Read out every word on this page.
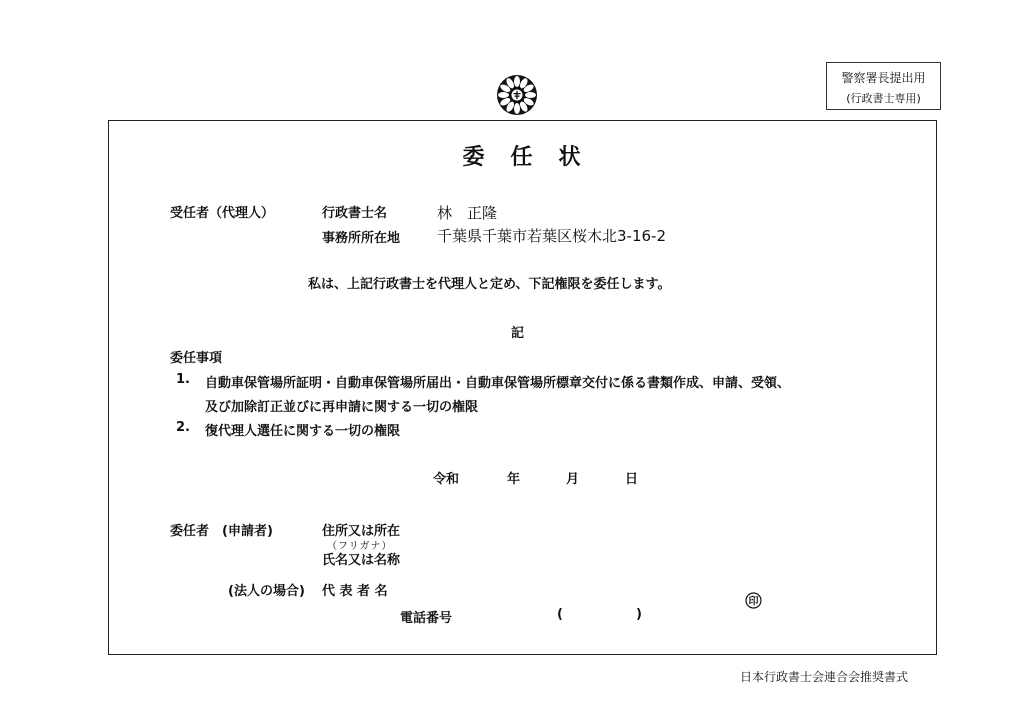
警察署長提出用
(行政書士専用)
委　任　状
受任者（代理人）	行政書士名	林　正隆
事務所所在地 千葉県千葉市若葉区桜木北3-16-2
私は、上記行政書士を代理人と定め、下記権限を委任します。
記
委任事項
1. 自動車保管場所証明・自動車保管場所届出・自動車保管場所標章交付に係る書類作成、申請、受領、
及び加除訂正並びに再申請に関する一切の権限
2. 復代理人選任に関する一切の権限
令和	年	月	日
委任者　(申請者)	住所又は所在
（フリガナ）
氏名又は名称
(法人の場合) 代 表 者 名
印
電話番号	(	)
日本行政書士会連合会推奨書式
